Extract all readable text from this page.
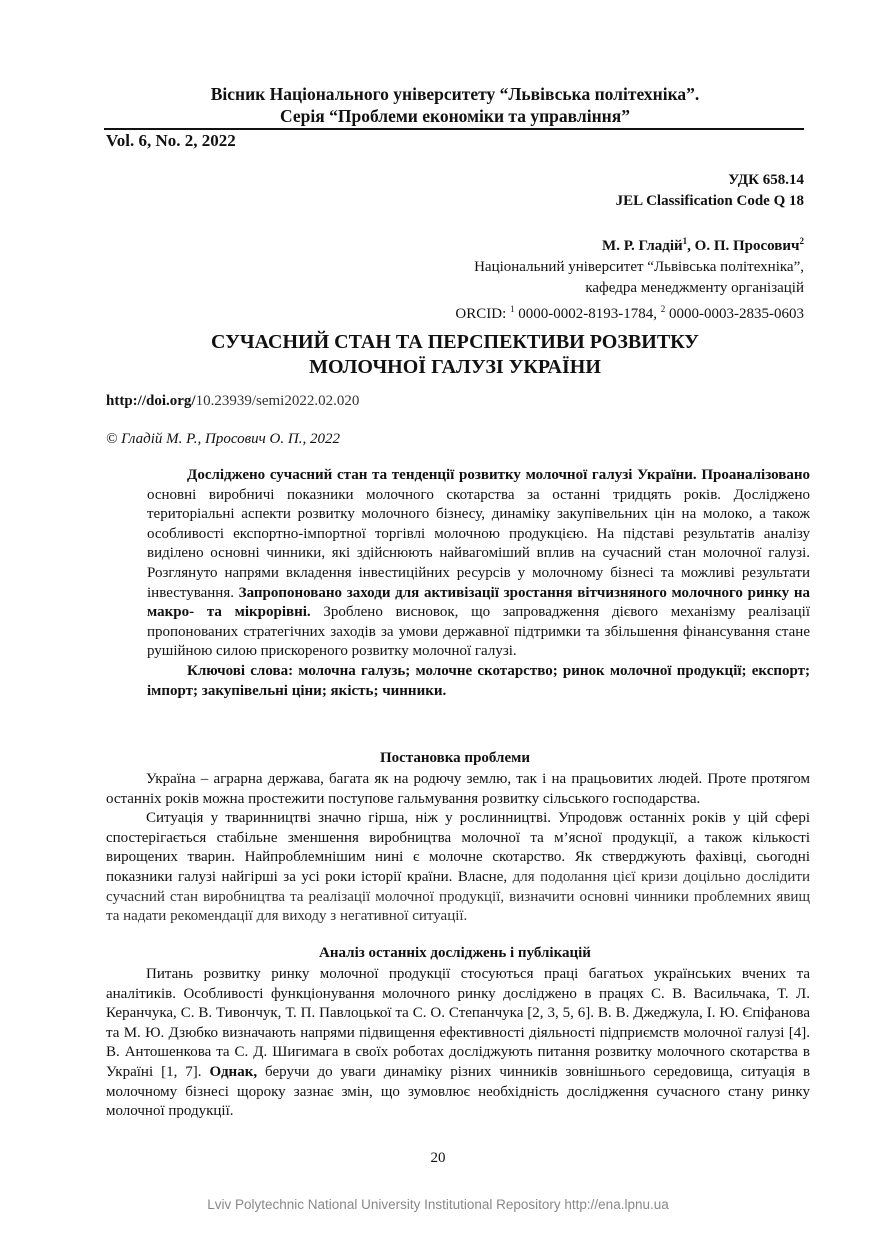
Вісник Національного університету “Львівська політехніка”.
Серія “Проблеми економіки та управління”
Vol. 6, No. 2, 2022
УДК 658.14
JEL Classification Code Q 18
М. Р. Гладій$^1$, О. П. Просович$^2$
Національний університет “Львівська політехніка”,
кафедра менеджменту організацій
ORCID: $^1$ 0000-0002-8193-1784, $^2$ 0000-0003-2835-0603
СУЧАСНИЙ СТАН ТА ПЕРСПЕКТИВИ РОЗВИТКУ
МОЛОЧНОЇ ГАЛУЗІ УКРАЇНИ
http://doi.org/10.23939/semi2022.02.020
© Гладій М. Р., Просович О. П., 2022

Досліджено сучасний стан та тенденції розвитку молочної галузі України. Проаналізовано основні виробничі показники молочного скотарства за останні тридцять років. Досліджено територіальні аспекти розвитку молочного бізнесу, динаміку закупівельних цін на молоко, а також особливості експортно-імпортної торгівлі молочною продукцією. На підставі результатів аналізу виділено основні чинники, які здійснюють найвагоміший вплив на сучасний стан молочної галузі. Розглянуто напрями вкладення інвестиційних ресурсів у молочному бізнесі та можливі результати інвестування. Запропоновано заходи для активізації зростання вітчизняного молочного ринку на макро- та мікрорівні. Зроблено висновок, що запровадження дієвого механізму реалізації пропонованих стратегічних заходів за умови державної підтримки та збільшення фінансування стане рушійною силою прискореного розвитку молочної галузі.

Ключові слова: молочна галузь; молочне скотарство; ринок молочної продукції; експорт; імпорт; закупівельні ціни; якість; чинники.

Постановка проблеми

Україна – аграрна держава, багата як на родючу землю, так і на працьовитих людей. Проте протягом останніх років можна простежити поступове гальмування розвитку сільського господарства.

Ситуація у тваринництві значно гірша, ніж у рослинництві. Упродовж останніх років у цій сфері спостерігається стабільне зменшення виробництва молочної та м’ясної продукції, а також кількості вирощених тварин. Найпроблемнішим нині є молочне скотарство. Як стверджують фахівці, сьогодні показники галузі найгірші за усі роки історії країни. Власне, для подолання цієї кризи доцільно дослідити сучасний стан виробництва та реалізації молочної продукції, визначити основні чинники проблемних явищ та надати рекомендації для виходу з негативної ситуації.

Аналіз останніх досліджень і публікацій

Питань розвитку ринку молочної продукції стосуються праці багатьох українських вчених та аналітиків. Особливості функціонування молочного ринку досліджено в працях С. В. Васильчака, Т. Л. Керанчука, С. В. Тивончук, Т. П. Павлоцької та С. О. Степанчука [2, 3, 5, 6]. В. В. Джеджула, І. Ю. Єпіфанова та М. Ю. Дзюбко визначають напрями підвищення ефективності діяльності підприємств молочної галузі [4]. В. Антошенкова та С. Д. Шигимага в своїх роботах досліджують питання розвитку молочного скотарства в Україні [1, 7]. Однак, беручи до уваги динаміку різних чинників зовнішнього середовища, ситуація в молочному бізнесі щороку зазнає змін, що зумовлює необхідність дослідження сучасного стану ринку молочної продукції.

20
Lviv Polytechnic National University Institutional Repository http://ena.lpnu.ua
